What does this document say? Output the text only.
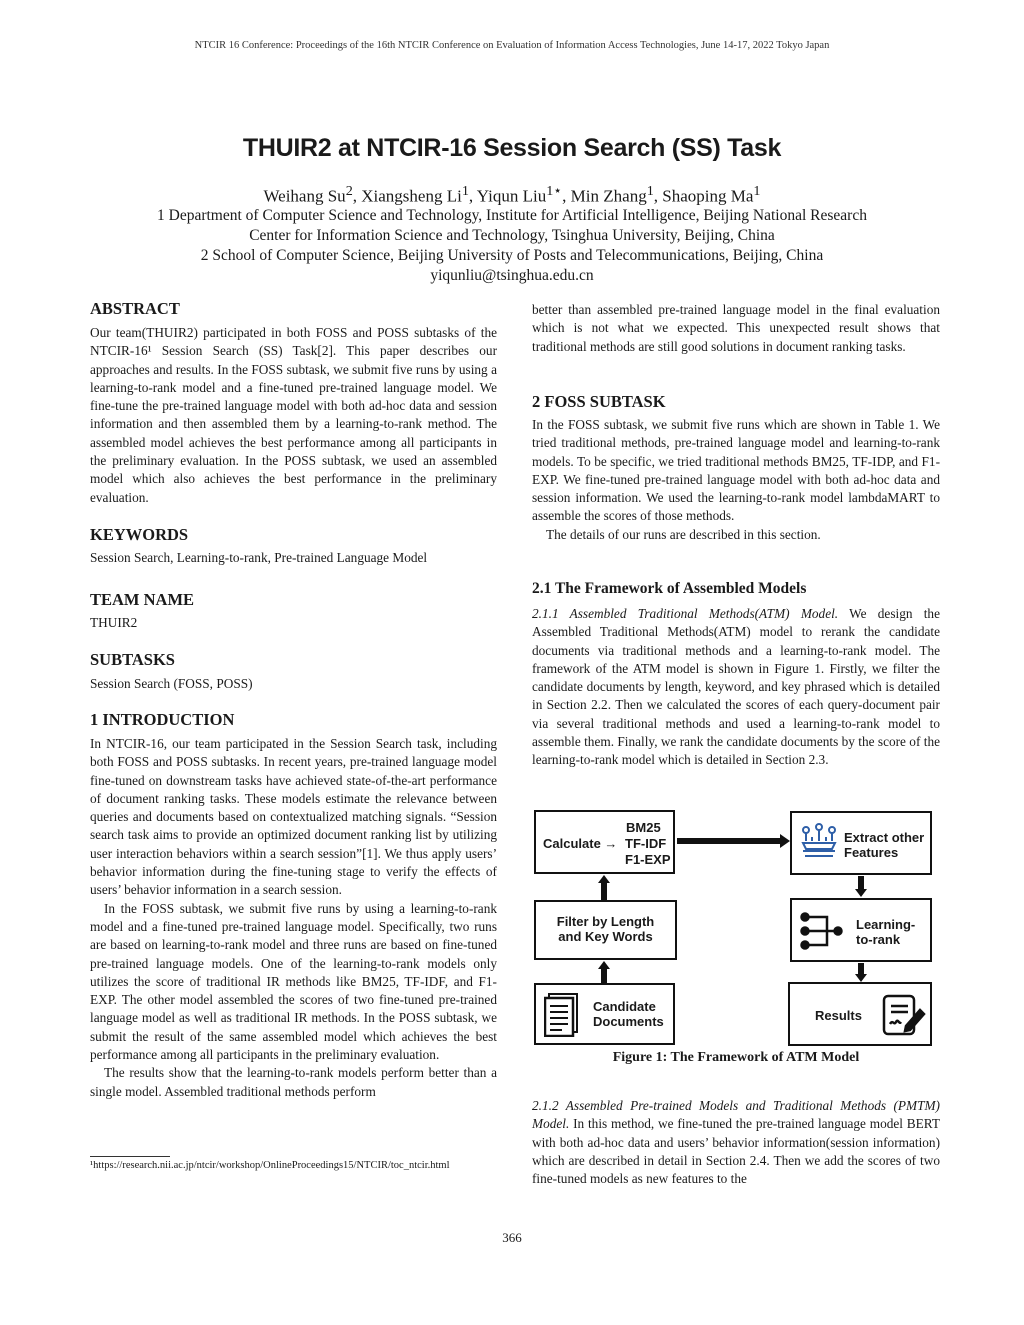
NTCIR 16 Conference: Proceedings of the 16th NTCIR Conference on Evaluation of Information Access Technologies, June 14-17, 2022 Tokyo Japan
THUIR2 at NTCIR-16 Session Search (SS) Task
Weihang Su$^2$, Xiangsheng Li$^1$, Yiqun Liu$^{1⋆}$, Min Zhang$^1$, Shaoping Ma$^1$
1 Department of Computer Science and Technology, Institute for Artificial Intelligence, Beijing National Research
Center for Information Science and Technology, Tsinghua University, Beijing, China
2 School of Computer Science, Beijing University of Posts and Telecommunications, Beijing, China
yiqunliu@tsinghua.edu.cn
ABSTRACT

Our team(THUIR2) participated in both FOSS and POSS subtasks of the NTCIR-16¹ Session Search (SS) Task[2]. This paper describes our approaches and results. In the FOSS subtask, we submit five runs by using a learning-to-rank model and a fine-tuned pre-trained language model. We fine-tune the pre-trained language model with both ad-hoc data and session information and then assembled them by a learning-to-rank method. The assembled model achieves the best performance among all participants in the preliminary evaluation. In the POSS subtask, we used an assembled model which also achieves the best performance in the preliminary evaluation.

KEYWORDS

Session Search, Learning-to-rank, Pre-trained Language Model

TEAM NAME

THUIR2

SUBTASKS

Session Search (FOSS, POSS)

1 INTRODUCTION

In NTCIR-16, our team participated in the Session Search task, including both FOSS and POSS subtasks. In recent years, pre-trained language model fine-tuned on downstream tasks have achieved state-of-the-art performance of document ranking tasks. These models estimate the relevance between queries and documents based on contextualized matching signals. “Session search task aims to provide an optimized document ranking list by utilizing user interaction behaviors within a search session”[1]. We thus apply users’ behavior information during the fine-tuning stage to verify the effects of users’ behavior information in a search session.

In the FOSS subtask, we submit five runs by using a learning-to-rank model and a fine-tuned pre-trained language model. Specifically, two runs are based on learning-to-rank model and three runs are based on fine-tuned pre-trained language models. One of the learning-to-rank models only utilizes the score of traditional IR methods like BM25, TF-IDF, and F1-EXP. The other model assembled the scores of two fine-tuned pre-trained language model as well as traditional IR methods. In the POSS subtask, we submit the result of the same assembled model which achieves the best performance among all participants in the preliminary evaluation.

The results show that the learning-to-rank models perform better than a single model. Assembled traditional methods perform

¹https://research.nii.ac.jp/ntcir/workshop/OnlineProceedings15/NTCIR/toc_ntcir.html

better than assembled pre-trained language model in the final evaluation which is not what we expected. This unexpected result shows that traditional methods are still good solutions in document ranking tasks.

2 FOSS SUBTASK

In the FOSS subtask, we submit five runs which are shown in Table 1. We tried traditional methods, pre-trained language model and learning-to-rank models. To be specific, we tried traditional methods BM25, TF-IDP, and F1-EXP. We fine-tuned pre-trained language model with both ad-hoc data and session information. We used the learning-to-rank model lambdaMART to assemble the scores of those methods.

The details of our runs are described in this section.

2.1 The Framework of Assembled Models

2.1.1 Assembled Traditional Methods(ATM) Model. We design the Assembled Traditional Methods(ATM) model to rerank the candidate documents via traditional methods and a learning-to-rank model. The framework of the ATM model is shown in Figure 1. Firstly, we filter the candidate documents by length, keyword, and key phrased which is detailed in Section 2.2. Then we calculated the scores of each query-document pair via several traditional methods and used a learning-to-rank model to assemble them. Finally, we rank the candidate documents by the score of the learning-to-rank model which is detailed in Section 2.3.

Calculate →
BM25
TF-IDF
F1-EXP
Filter by Length and Key Words
Candidate Documents
Extract other Features
Learning-to-rank
Results
Figure 1: The Framework of ATM Model

2.1.2 Assembled Pre-trained Models and Traditional Methods (PMTM) Model. In this method, we fine-tuned the pre-trained language model BERT with both ad-hoc data and users’ behavior information(session information) which are described in detail in Section 2.4. Then we add the scores of two fine-tuned models as new features to the

366
